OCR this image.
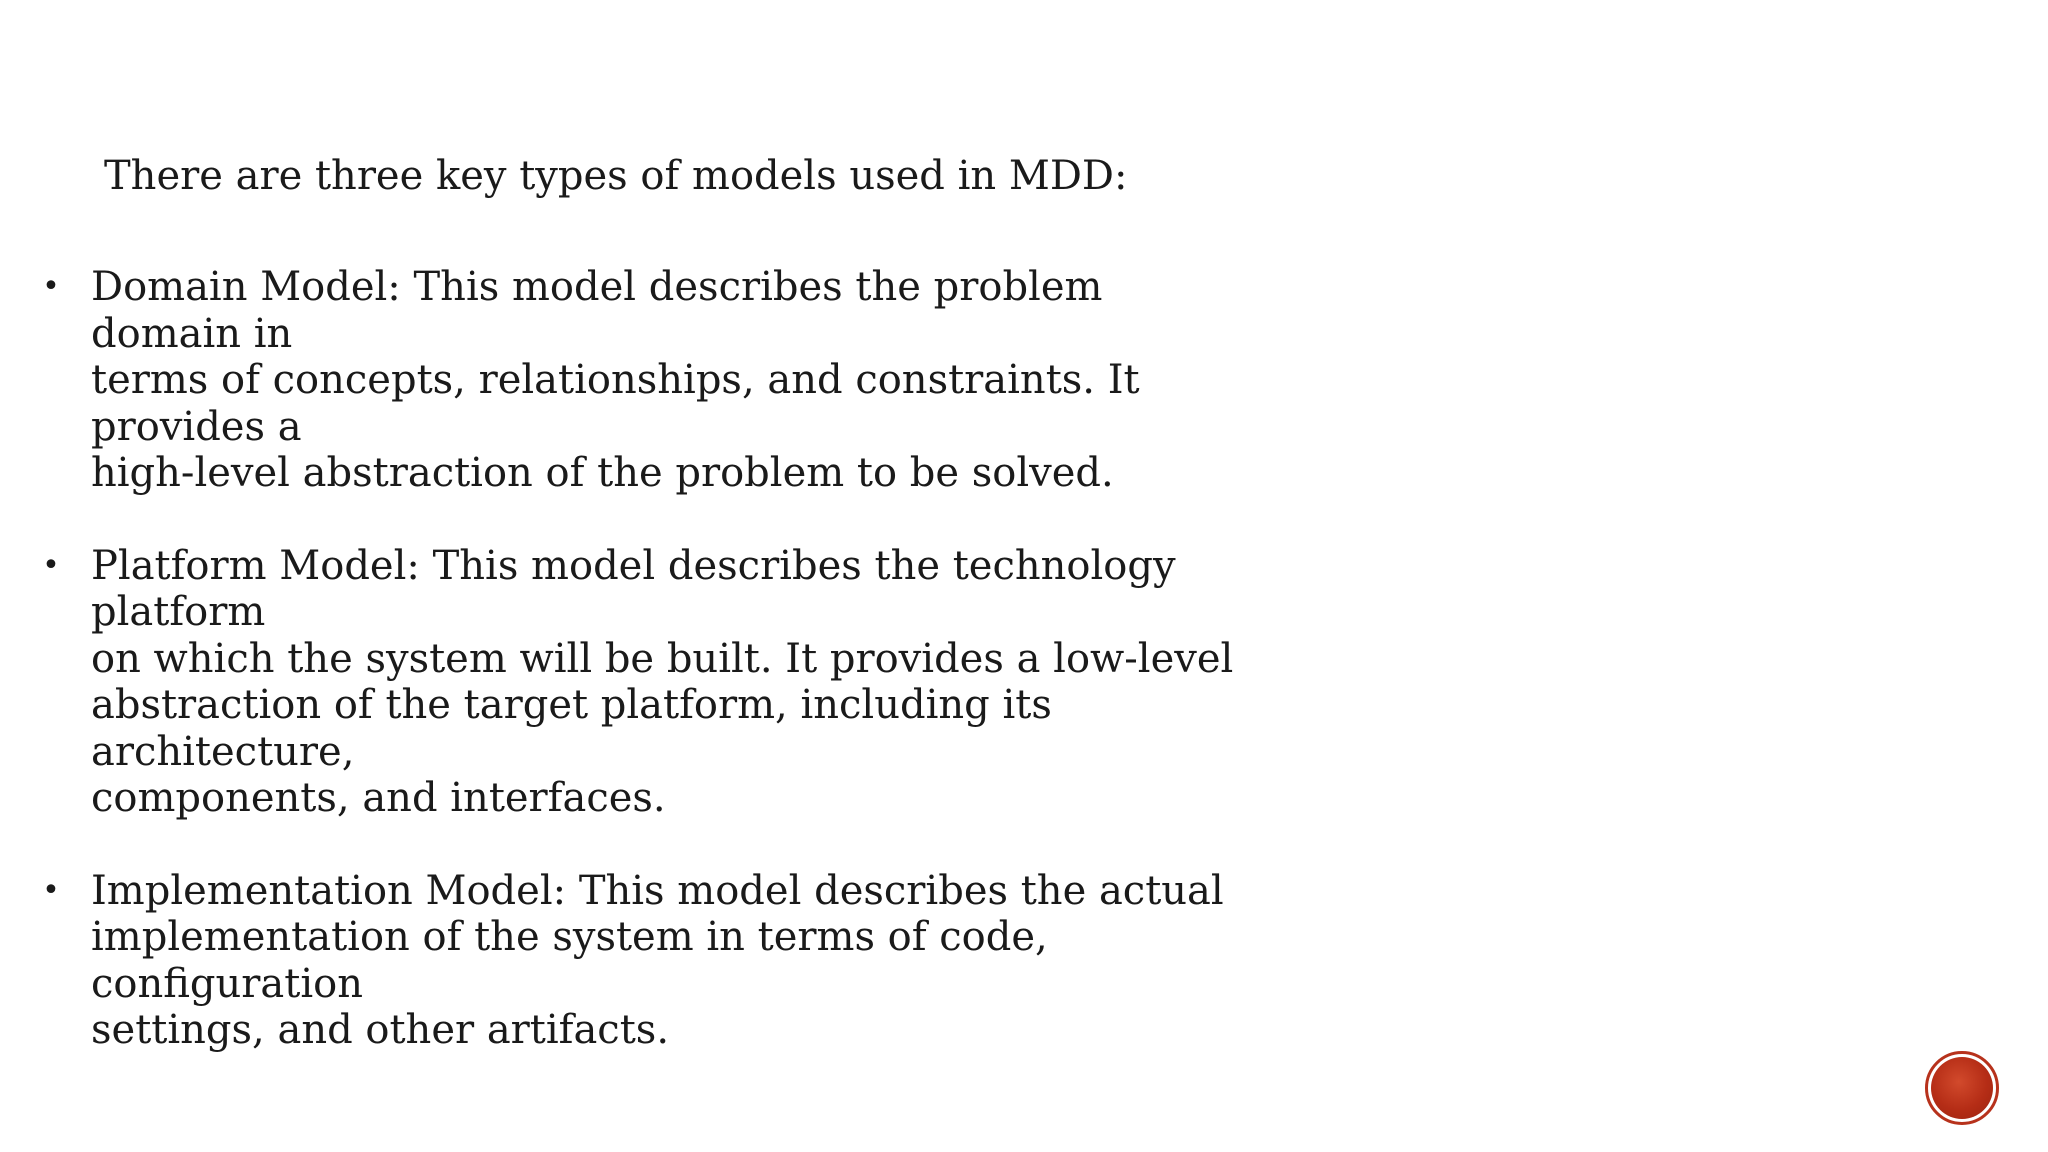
There are three key types of models used in MDD:
• Domain Model: This model describes the problem domain in
terms of concepts, relationships, and constraints. It provides a
high-level abstraction of the problem to be solved.
• Platform Model: This model describes the technology platform
on which the system will be built. It provides a low-level
abstraction of the target platform, including its architecture,
components, and interfaces.
• Implementation Model: This model describes the actual
implementation of the system in terms of code, configuration
settings, and other artifacts.
